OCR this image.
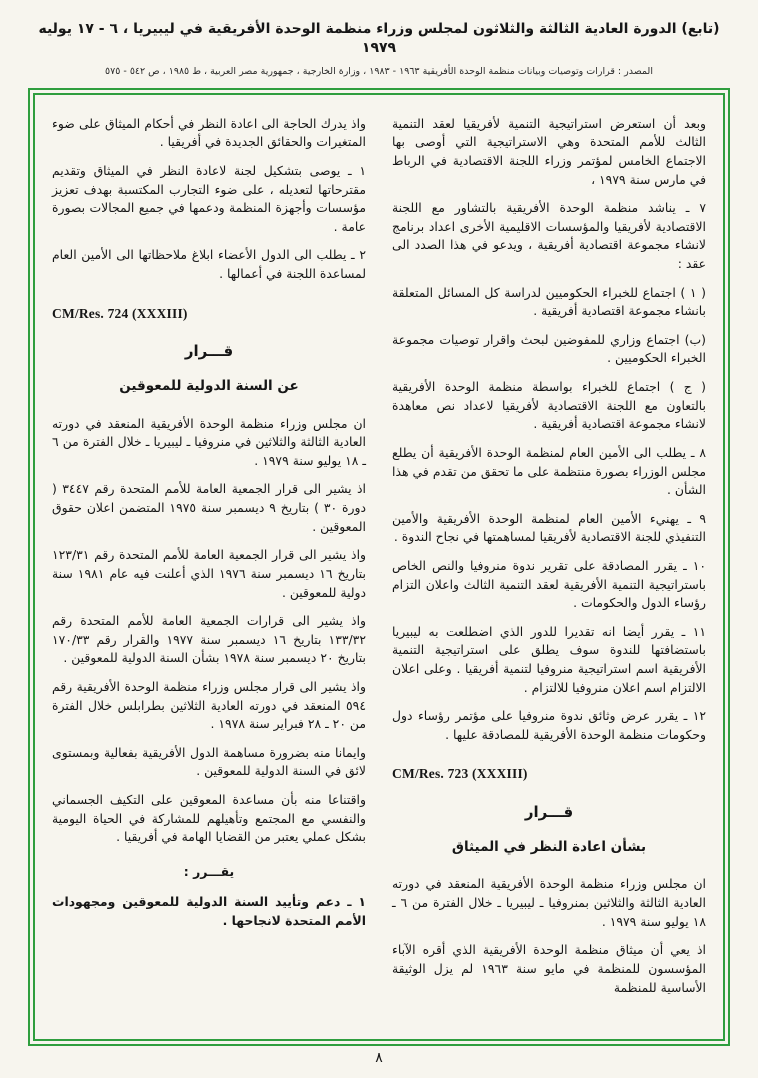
(تابع) الدورة العادية الثالثة والثلاثون لمجلس وزراء منظمة الوحدة الأفريقية في ليبيريا ، ٦ - ١٧ يوليه ١٩٧٩
المصدر : قرارات وتوصيات وبيانات منظمة الوحدة الأفريقية ١٩٦٣ - ١٩٨٣ ، وزارة الخارجية ، جمهورية مصر العربية ، ط ١٩٨٥ ، ص ٥٤٢ - ٥٧٥
وبعد أن استعرض استراتيجية التنمية لأفريقيا لعقد التنمية الثالث للأمم المتحدة وهي الاستراتيجية التي أوصى بها الاجتماع الخامس لمؤتمر وزراء اللجنة الاقتصادية في الرباط في مارس سنة ١٩٧٩ ،
٧ ـ يناشد منظمة الوحدة الأفريقية بالتشاور مع اللجنة الاقتصادية لأفريقيا والمؤسسات الاقليمية الأخرى اعداد برنامج لانشاء مجموعة اقتصادية أفريقية ، ويدعو في هذا الصدد الى عقد :
( ١ ) اجتماع للخبراء الحكوميين لدراسة كل المسائل المتعلقة بانشاء مجموعة اقتصادية أفريقية .
(ب) اجتماع وزاري للمفوضين لبحث واقرار توصيات مجموعة الخبراء الحكوميين .
( ج ) اجتماع للخبراء بواسطة منظمة الوحدة الأفريقية بالتعاون مع اللجنة الاقتصادية لأفريقيا لاعداد نص معاهدة لانشاء مجموعة اقتصادية أفريقية .
٨ ـ يطلب الى الأمين العام لمنظمة الوحدة الأفريقية أن يطلع مجلس الوزراء بصورة منتظمة على ما تحقق من تقدم في هذا الشأن .
٩ ـ يهنيء الأمين العام لمنظمة الوحدة الأفريقية والأمين التنفيذي للجنة الاقتصادية لأفريقيا لمساهمتها في نجاح الندوة .
١٠ ـ يقرر المصادقة على تقرير ندوة منروفيا والنص الخاص باستراتيجية التنمية الأفريقية لعقد التنمية الثالث واعلان التزام رؤساء الدول والحكومات .
١١ ـ يقرر أيضا انه تقديرا للدور الذي اضطلعت به ليبيريا باستضافتها للندوة سوف يطلق على استراتيجية التنمية الأفريقية اسم استراتيجية منروفيا لتنمية أفريقيا . وعلى اعلان الالتزام اسم اعلان منروفيا للالتزام .
١٢ ـ يقرر عرض وثائق ندوة منروفيا على مؤتمر رؤساء دول وحكومات منظمة الوحدة الأفريقية للمصادقة عليها .
CM/Res. 723 (XXXIII)
قـــرار
بشأن اعادة النظر في الميثاق
ان مجلس وزراء منظمة الوحدة الأفريقية المنعقد في دورته العادية الثالثة والثلاثين بمنروفيا ـ ليبيريا ـ خلال الفترة من ٦ ـ ١٨ يوليو سنة ١٩٧٩ .
اذ يعي أن ميثاق منظمة الوحدة الأفريقية الذي أقره الآباء المؤسسون للمنظمة في مايو سنة ١٩٦٣ لم يزل الوثيقة الأساسية للمنظمة
واذ يدرك الحاجة الى اعادة النظر في أحكام الميثاق على ضوء المتغيرات والحقائق الجديدة في أفريقيا .
١ ـ يوصى بتشكيل لجنة لاعادة النظر في الميثاق وتقديم مقترحاتها لتعديله ، على ضوء التجارب المكتسبة بهدف تعزيز مؤسسات وأجهزة المنظمة ودعمها في جميع المجالات بصورة عامة .
٢ ـ يطلب الى الدول الأعضاء ابلاغ ملاحظاتها الى الأمين العام لمساعدة اللجنة في أعمالها .
CM/Res. 724 (XXXIII)
قـــرار
عن السنة الدولية للمعوقين
ان مجلس وزراء منظمة الوحدة الأفريقية المنعقد في دورته العادية الثالثة والثلاثين في منروفيا ـ ليبيريا ـ خلال الفترة من ٦ ـ ١٨ يوليو سنة ١٩٧٩ .
اذ يشير الى قرار الجمعية العامة للأمم المتحدة رقم ٣٤٤٧ ( دورة ٣٠ ) بتاريخ ٩ ديسمبر سنة ١٩٧٥ المتضمن اعلان حقوق المعوقين .
واذ يشير الى قرار الجمعية العامة للأمم المتحدة رقم ١٢٣/٣١ بتاريخ ١٦ ديسمبر سنة ١٩٧٦ الذي أعلنت فيه عام ١٩٨١ سنة دولية للمعوقين .
واذ يشير الى قرارات الجمعية العامة للأمم المتحدة رقم ١٣٣/٣٢ بتاريخ ١٦ ديسمبر سنة ١٩٧٧ والقرار رقم ١٧٠/٣٣ بتاريخ ٢٠ ديسمبر سنة ١٩٧٨ بشأن السنة الدولية للمعوقين .
واذ يشير الى قرار مجلس وزراء منظمة الوحدة الأفريقية رقم ٥٩٤ المنعقد في دورته العادية الثلاثين بطرابلس خلال الفترة من ٢٠ ـ ٢٨ فبراير سنة ١٩٧٨ .
وايمانا منه بضرورة مساهمة الدول الأفريقية بفعالية وبمستوى لائق في السنة الدولية للمعوقين .
واقتناعا منه بأن مساعدة المعوقين على التكيف الجسماني والنفسي مع المجتمع وتأهيلهم للمشاركة في الحياة اليومية بشكل عملي يعتبر من القضايا الهامة في أفريقيا .
يقـــرر :
١ ـ دعم وتأييد السنة الدولية للمعوقين ومجهودات الأمم المتحدة لانجاحها .
٨
